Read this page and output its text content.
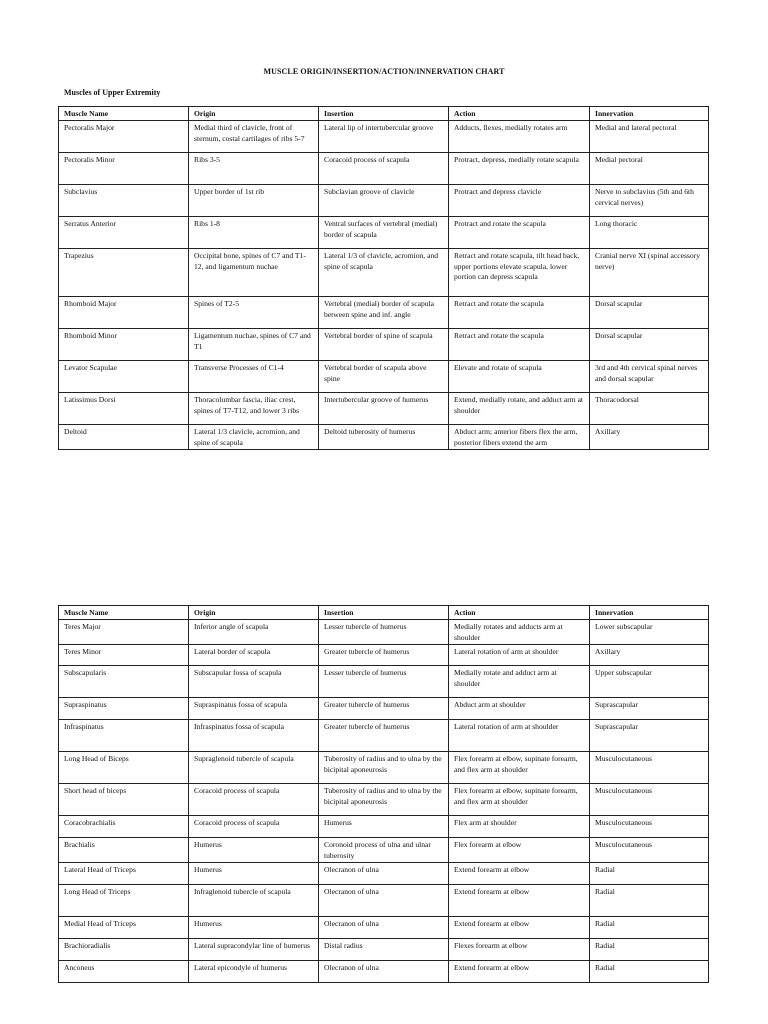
MUSCLE ORIGIN/INSERTION/ACTION/INNERVATION CHART
Muscles of Upper Extremity
Muscle Name	Origin	Insertion	Action	Innervation
Pectoralis Major	Medial third of clavicle, front of sternum, costal cartilages of ribs 5-7	Lateral lip of intertubercular groove	Adducts, flexes, medially rotates arm	Medial and lateral pectoral
Pectoralis Minor	Ribs 3-5	Coracoid process of scapula	Protract, depress, medially rotate scapula	Medial pectoral
Subclavius	Upper border of 1st rib	Subclavian groove of clavicle	Protract and depress clavicle	Nerve to subclavius (5th and 6th cervical nerves)
Serratus Anterior	Ribs 1-8	Ventral surfaces of vertebral (medial) border of scapula	Protract and rotate the scapula	Long thoracic
Trapezius	Occipital bone, spines of C7 and T1-12, and ligamentum nuchae	Lateral 1/3 of clavicle, acromion, and spine of scapula	Retract and rotate scapula, tilt head back, upper portions elevate scapula, lower portion can depress scapula	Cranial nerve XI (spinal accessory nerve)
Rhomboid Major	Spines of T2-5	Vertebral (medial) border of scapula between spine and inf. angle	Retract and rotate the scapula	Dorsal scapular
Rhomboid Minor	Ligamentum nuchae, spines of C7 and T1	Vertebral border of spine of scapula	Retract and rotate the scapula	Dorsal scapular
Levator Scapulae	Transverse Processes of C1-4	Vertebral border of scapula above spine	Elevate and rotate of scapula	3rd and 4th cervical spinal nerves and dorsal scapular
Latissimus Dorsi	Thoracolumbar fascia, iliac crest, spines of T7-T12, and lower 3 ribs	Intertubercular groove of humerus	Extend, medially rotate, and adduct arm at shoulder	Thoracodorsal
Deltoid	Lateral 1/3 clavicle, acromion, and spine of scapula	Deltoid tuberosity of humerus	Abduct arm; anterior fibers flex the arm, posterior fibers extend the arm	Axillary
Muscle Name	Origin	Insertion	Action	Innervation
Teres Major	Inferior angle of scapula	Lesser tubercle of humerus	Medially rotates and adducts arm at shoulder	Lower subscapular
Teres Minor	Lateral border of scapula	Greater tubercle of humerus	Lateral rotation of arm at shoulder	Axillary
Subscapularis	Subscapular fossa of scapula	Lesser tubercle of humerus	Medially rotate and adduct arm at shoulder	Upper subscapular
Supraspinatus	Supraspinatus fossa of scapula	Greater tubercle of humerus	Abduct arm at shoulder	Suprascapular
Infraspinatus	Infraspinatus fossa of scapula	Greater tubercle of humerus	Lateral rotation of arm at shoulder	Suprascapular
Long Head of Biceps	Supraglenoid tubercle of scapula	Tuberosity of radius and to ulna by the bicipital aponeurosis	Flex forearm at elbow, supinate forearm, and flex arm at shoulder	Musculocutaneous
Short head of biceps	Coracoid process of scapula	Tuberosity of radius and to ulna by the bicipital aponeurosis	Flex forearm at elbow, supinate forearm, and flex arm at shoulder	Musculocutaneous
Coracobrachialis	Coracoid process of scapula	Humerus	Flex arm at shoulder	Musculocutaneous
Brachialis	Humerus	Coronoid process of ulna and ulnar tuberosity	Flex forearm at elbow	Musculocutaneous
Lateral Head of Triceps	Humerus	Olecranon of ulna	Extend forearm at elbow	Radial
Long Head of Triceps	Infraglenoid tubercle of scapula	Olecranon of ulna	Extend forearm at elbow	Radial
Medial Head of Triceps	Humerus	Olecranon of ulna	Extend forearm at elbow	Radial
Brachioradialis	Lateral supracondylar line of humerus	Distal radius	Flexes forearm at elbow	Radial
Anconeus	Lateral epicondyle of humerus	Olecranon of ulna	Extend forearm at elbow	Radial
